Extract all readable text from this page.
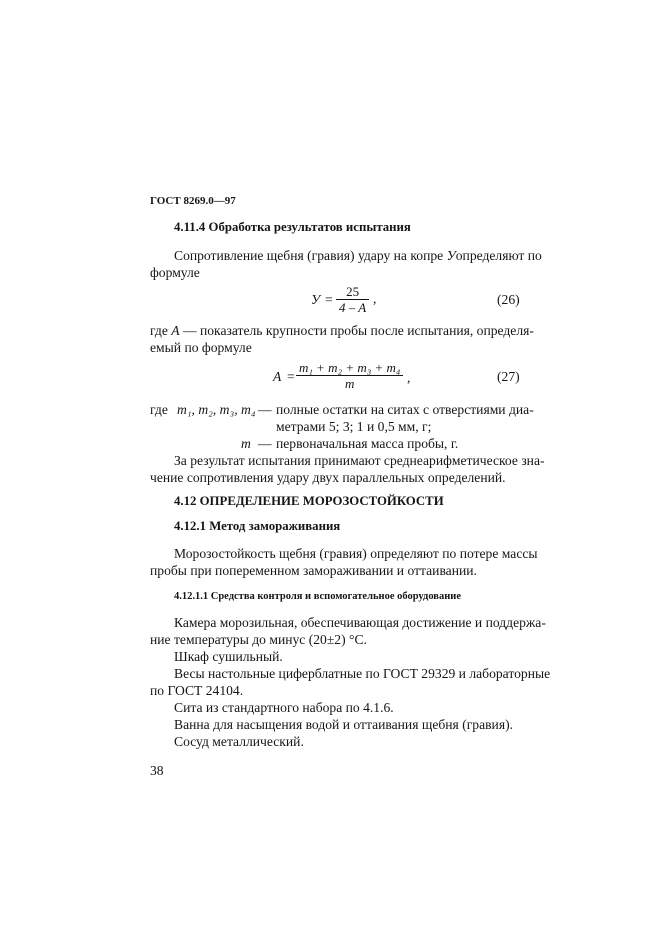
ГОСТ 8269.0—97
4.11.4 Обработка результатов испытания
Сопротивление щебня (гравия) удару на копре Уопределяют по
формуле
У =
25
4 – A
,	(26)
где А — показатель крупности пробы после испытания, определя-
емый по формуле
А =
m₁ + m₂ + m₃ + m₄
m	,	(27)
где m₁, m₂, m₃, m₄ — полные остатки на ситах с отверстиями диа-
метрами 5; 3; 1 и 0,5 мм, г;
m — первоначальная масса пробы, г.
За результат испытания принимают среднеарифметическое зна-
чение сопротивления удару двух параллельных определений.
4.12 ОПРЕДЕЛЕНИЕ МОРОЗОСТОЙКОСТИ
4.12.1 Метод замораживания
Морозостойкость щебня (гравия) определяют по потере массы
пробы при попеременном замораживании и оттаивании.
4.12.1.1 Средства контроля и вспомогательное оборудование
Камера морозильная, обеспечивающая достижение и поддержа-
ние температуры до минус (20±2) °С.
Шкаф сушильный.
Весы настольные циферблатные по ГОСТ 29329 и лабораторные
по ГОСТ 24104.
Сита из стандартного набора по 4.1.6.
Ванна для насыщения водой и оттаивания щебня (гравия).
Сосуд металлический.
38
